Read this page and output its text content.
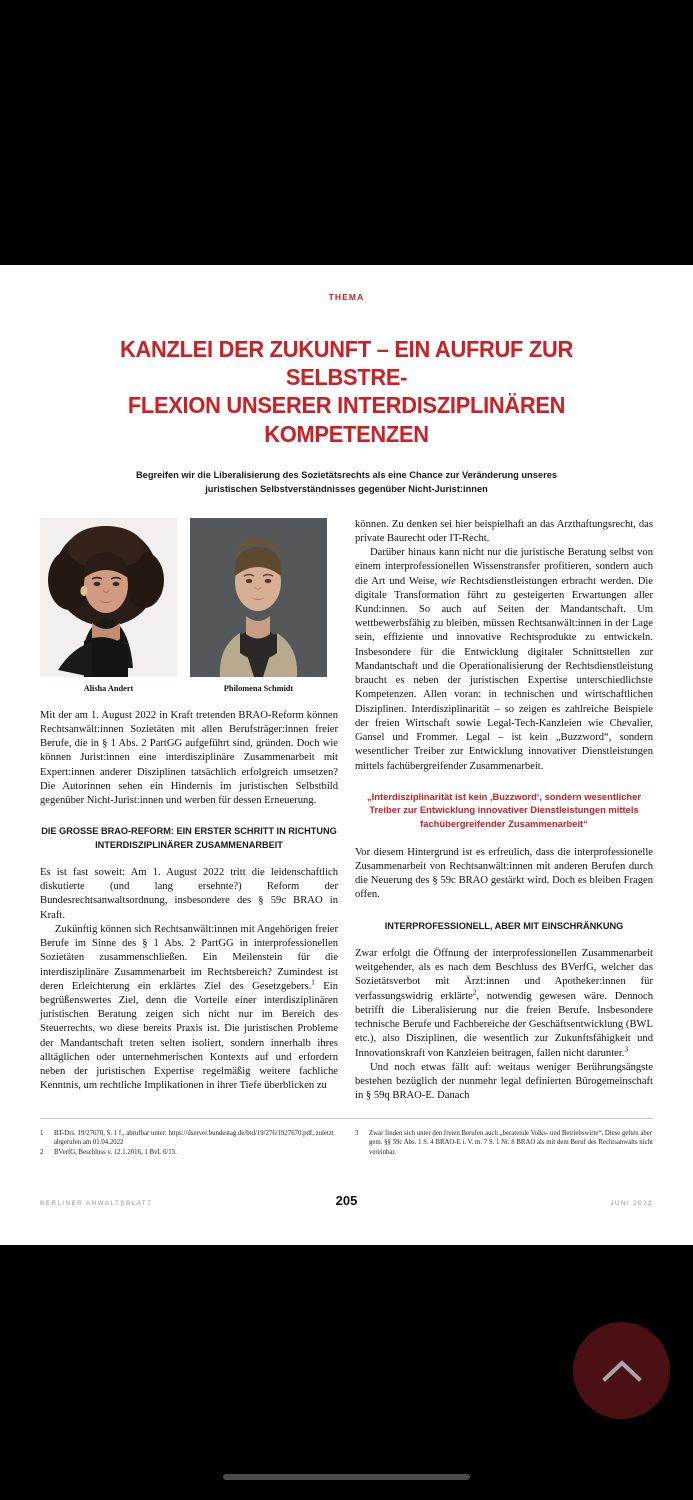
THEMA
KANZLEI DER ZUKUNFT – EIN AUFRUF ZUR SELBSTRE-
FLEXION UNSERER INTERDISZIPLINÄREN KOMPETENZEN
Begreifen wir die Liberalisierung des Sozietätsrechts als eine Chance zur Veränderung unseres
juristischen Selbstverständnisses gegenüber Nicht-Jurist:innen
Alisha Andert	Philomena Schmidt

Mit der am 1. August 2022 in Kraft tretenden BRAO-Reform können Rechtsanwält:innen Sozietäten mit allen Berufsträger:innen freier Berufe, die in § 1 Abs. 2 PartGG aufgeführt sind, gründen. Doch wie können Jurist:innen eine interdisziplinäre Zusammenarbeit mit Expert:innen anderer Disziplinen tatsächlich erfolgreich umsetzen? Die Autorinnen sehen ein Hindernis im juristischen Selbstbild gegenüber Nicht-Jurist:innen und werben für dessen Erneuerung.

DIE GROSSE BRAO-REFORM: EIN ERSTER SCHRITT IN RICHTUNG
INTERDISZIPLINÄRER ZUSAMMENARBEIT

Es ist fast soweit: Am 1. August 2022 tritt die leidenschaftlich diskutierte (und lang ersehnte?) Reform der Bundesrechtsanwaltsordnung, insbesondere des § 59c BRAO in Kraft.

Zukünftig können sich Rechtsanwält:innen mit Angehörigen freier Berufe im Sinne des § 1 Abs. 2 PartGG in interprofessionellen Sozietäten zusammenschließen. Ein Meilenstein für die interdisziplinäre Zusammenarbeit im Rechtsbereich? Zumindest ist deren Erleichterung ein erklärtes Ziel des Gesetzgebers.$^1$ Ein begrüßenswertes Ziel, denn die Vorteile einer interdisziplinären juristischen Beratung zeigen sich nicht nur im Bereich des Steuerrechts, wo diese bereits Praxis ist. Die juristischen Probleme der Mandantschaft treten selten isoliert, sondern innerhalb ihres alltäglichen oder unternehmerischen Kontexts auf und erfordern neben der juristischen Expertise regelmäßig weitere fachliche Kenntnis, um rechtliche Implikationen in ihrer Tiefe überblicken zu

können. Zu denken sei hier beispielhaft an das Arzthaftungsrecht, das private Baurecht oder IT-Recht.

Darüber hinaus kann nicht nur die juristische Beratung selbst von einem interprofessionellen Wissenstransfer profitieren, sondern auch die Art und Weise, wie Rechtsdienstleistungen erbracht werden. Die digitale Transformation führt zu gesteigerten Erwartungen aller Kund:innen. So auch auf Seiten der Mandantschaft. Um wettbewerbsfähig zu bleiben, müssen Rechtsanwält:innen in der Lage sein, effiziente und innovative Rechtsprodukte zu entwickeln. Insbesondere für die Entwicklung digitaler Schnittstellen zur Mandantschaft und die Operationalisierung der Rechtsdienstleistung braucht es neben der juristischen Expertise unterschiedlichste Kompetenzen. Allen voran: in technischen und wirtschaftlichen Disziplinen. Interdisziplinarität – so zeigen es zahlreiche Beispiele der freien Wirtschaft sowie Legal-Tech-Kanzleien wie Chevalier, Gansel und Frommer. Legal – ist kein „Buzzword“, sondern wesentlicher Treiber zur Entwicklung innovativer Dienstleistungen mittels fachübergreifender Zusammenarbeit.

„Interdisziplinarität ist kein ‚Buzzword‘, sondern wesentlicher
Treiber zur Entwicklung innovativer Dienstleistungen mittels
fachübergreifender Zusammenarbeit“

Vor diesem Hintergrund ist es erfreulich, dass die interprofessionelle Zusammenarbeit von Rechtsanwält:innen mit anderen Berufen durch die Neuerung des § 59c BRAO gestärkt wird. Doch es bleiben Fragen offen.

INTERPROFESSIONELL, ABER MIT EINSCHRÄNKUNG

Zwar erfolgt die Öffnung der interprofessionellen Zusammenarbeit weitgehender, als es nach dem Beschluss des BVerfG, welcher das Sozietätsverbot mit Ärzt:innen und Apotheker:innen für verfassungswidrig erklärte$^2$, notwendig gewesen wäre. Dennoch betrifft die Liberalisierung nur die freien Berufe. Insbesondere technische Berufe und Fachbereiche der Geschäftsentwicklung (BWL etc.), also Disziplinen, die wesentlich zur Zukunftsfähigkeit und Innovationskraft von Kanzleien beitragen, fallen nicht darunter.$^3$

Und noch etwas fällt auf: weitaus weniger Berührungsängste bestehen bezüglich der nunmehr legal definierten Bürogemeinschaft in § 59q BRAO-E. Danach

1	BT-Drs. 19/27670, S. 1 f., abrufbar unter: https://dserver.bundestag.de/btd/19/276/1927670.pdf, zuletzt abgerufen am 01.04.2022
2	BVerfG, Beschluss v. 12.1.2016, 1 BvL 6/13.
3	Zwar finden sich unter den freien Berufen auch „beratende Volks- und Betriebswirte“. Diese gelten aber gem. §§ 59c Abs. 1 S. 4 BRAO-E i. V. m. 7 S. 1 Nr. 8 BRAO als mit dem Beruf des Rechtsanwalts nicht vereinbar.
BERLINER ANWALTSBLATT	205	JUNI 2022
